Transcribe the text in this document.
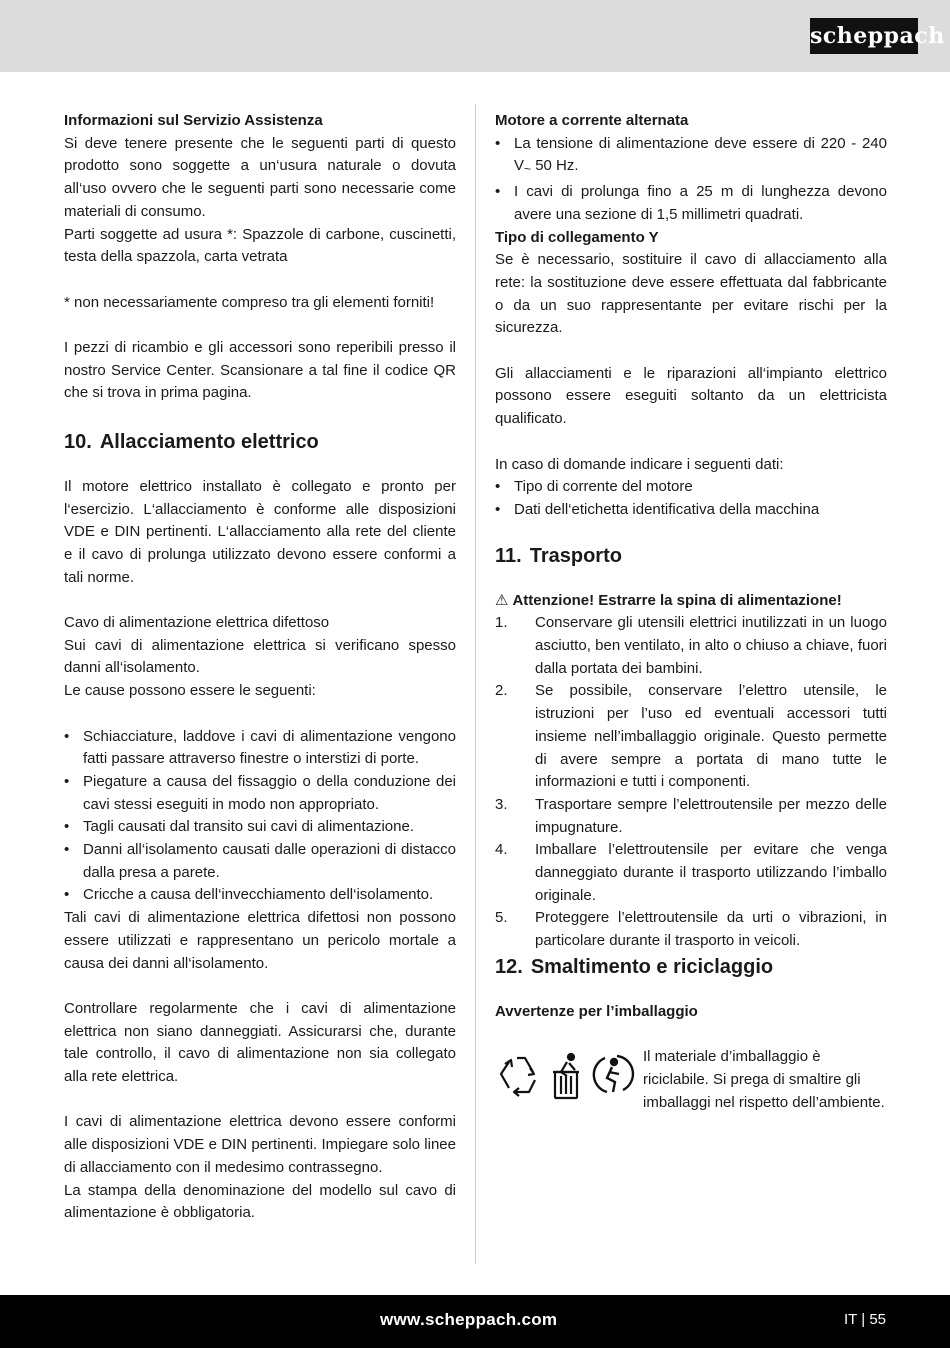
scheppach

Informazioni sul Servizio Assistenza

Si deve tenere presente che le seguenti parti di questo prodotto sono soggette a un‘usura naturale o dovuta all‘uso ovvero che le seguenti parti sono necessarie come materiali di consumo.

Parti soggette ad usura *: Spazzole di carbone, cuscinetti, testa della spazzola, carta vetrata

* non necessariamente compreso tra gli elementi forniti!

I pezzi di ricambio e gli accessori sono reperibili presso il nostro Service Center. Scansionare a tal fine il codice QR che si trova in prima pagina.

10. Allacciamento elettrico

Il motore elettrico installato è collegato e pronto per l‘esercizio. L‘allacciamento è conforme alle disposizioni VDE e DIN pertinenti. L‘allacciamento alla rete del cliente e il cavo di prolunga utilizzato devono essere conformi a tali norme.

Cavo di alimentazione elettrica difettoso

Sui cavi di alimentazione elettrica si verificano spesso danni all‘isolamento.

Le cause possono essere le seguenti:

• Schiacciature, laddove i cavi di alimentazione vengono fatti passare attraverso finestre o interstizi di porte.
• Piegature a causa del fissaggio o della conduzione dei cavi stessi eseguiti in modo non appropriato.
• Tagli causati dal transito sui cavi di alimentazione.
• Danni all‘isolamento causati dalle operazioni di distacco dalla presa a parete.
• Cricche a causa dell‘invecchiamento dell‘isolamento.

Tali cavi di alimentazione elettrica difettosi non possono essere utilizzati e rappresentano un pericolo mortale a causa dei danni all‘isolamento.

Controllare regolarmente che i cavi di alimentazione elettrica non siano danneggiati. Assicurarsi che, durante tale controllo, il cavo di alimentazione non sia collegato alla rete elettrica.

I cavi di alimentazione elettrica devono essere conformi alle disposizioni VDE e DIN pertinenti. Impiegare solo linee di allacciamento con il medesimo contrassegno.

La stampa della denominazione del modello sul cavo di alimentazione è obbligatoria.

Motore a corrente alternata

• La tensione di alimentazione deve essere di 220 - 240 $V_\sim$ 50 Hz.
• I cavi di prolunga fino a 25 m di lunghezza devono avere una sezione di 1,5 millimetri quadrati.

Tipo di collegamento Y

Se è necessario, sostituire il cavo di allacciamento alla rete: la sostituzione deve essere effettuata dal fabbricante o da un suo rappresentante per evitare rischi per la sicurezza.

Gli allacciamenti e le riparazioni all‘impianto elettrico possono essere eseguiti soltanto da un elettricista qualificato.

In caso di domande indicare i seguenti dati:

• Tipo di corrente del motore
• Dati dell‘etichetta identificativa della macchina
11. Trasporto

⚠ Attenzione! Estrarre la spina di alimentazione!

1. Conservare gli utensili elettrici inutilizzati in un luogo asciutto, ben ventilato, in alto o chiuso a chiave, fuori dalla portata dei bambini.
2. Se possibile, conservare l’elettro utensile, le istruzioni per l’uso ed eventuali accessori tutti insieme nell’imballaggio originale. Questo permette di avere sempre a portata di mano tutte le informazioni e tutti i componenti.
3. Trasportare sempre l’elettroutensile per mezzo delle impugnature.
4. Imballare l’elettroutensile per evitare che venga danneggiato durante il trasporto utilizzando l’imballo originale.
5. Proteggere l’elettroutensile da urti o vibrazioni, in particolare durante il trasporto in veicoli.
12. Smaltimento e riciclaggio

Avvertenze per l’imballaggio

Il materiale d’imballaggio è riciclabile. Si prega di smaltire gli imballaggi nel rispetto dell’ambiente.

www.scheppach.com	IT | 55
